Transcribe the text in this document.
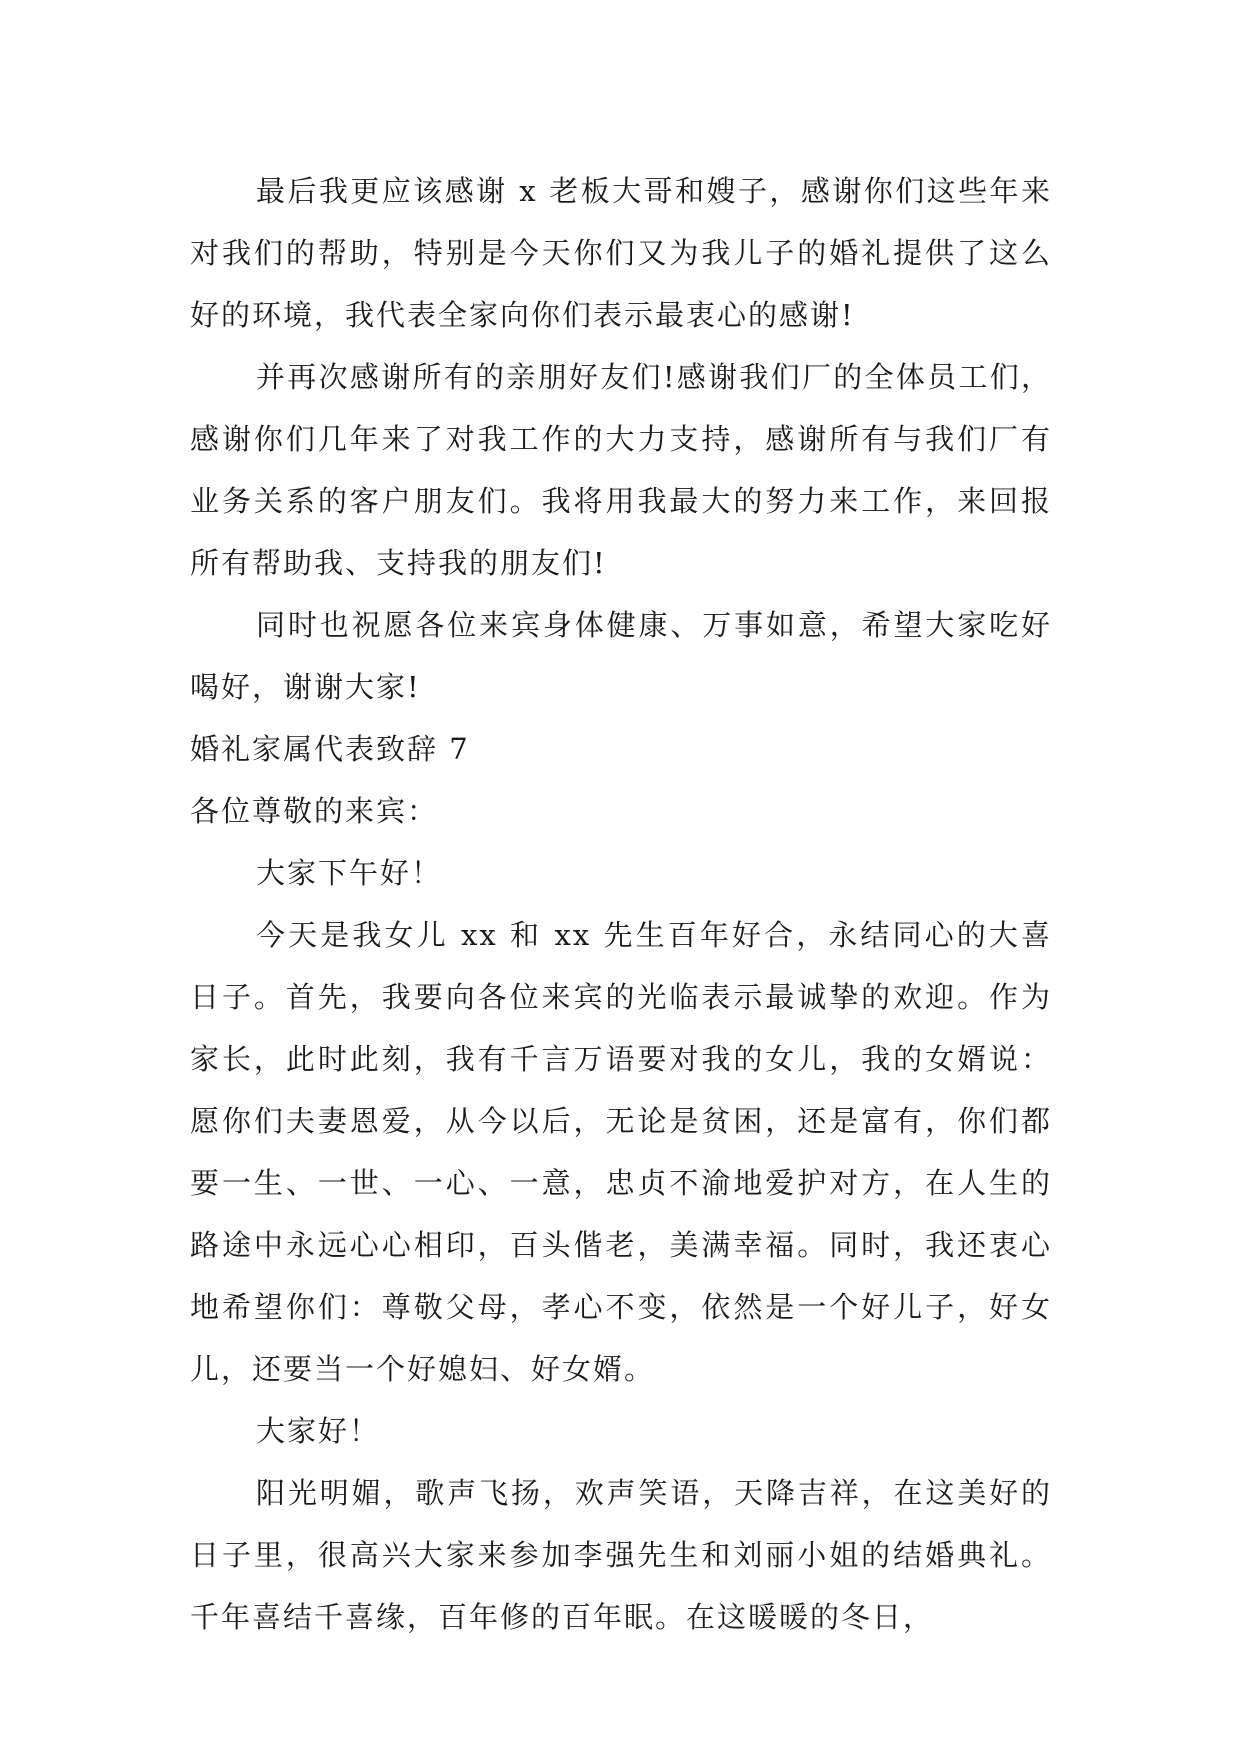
最后我更应该感谢 x 老板大哥和嫂子，感谢你们这些年来对我们的帮助，特别是今天你们又为我儿子的婚礼提供了这么好的环境，我代表全家向你们表示最衷心的感谢!

并再次感谢所有的亲朋好友们!感谢我们厂的全体员工们，感谢你们几年来了对我工作的大力支持，感谢所有与我们厂有业务关系的客户朋友们。我将用我最大的努力来工作，来回报所有帮助我、支持我的朋友们!

同时也祝愿各位来宾身体健康、万事如意，希望大家吃好喝好，谢谢大家!

婚礼家属代表致辞 7

各位尊敬的来宾：

大家下午好！

今天是我女儿 xx 和 xx 先生百年好合，永结同心的大喜日子。首先，我要向各位来宾的光临表示最诚挚的欢迎。作为家长，此时此刻，我有千言万语要对我的女儿，我的女婿说：愿你们夫妻恩爱，从今以后，无论是贫困，还是富有，你们都要一生、一世、一心、一意，忠贞不渝地爱护对方，在人生的路途中永远心心相印，百头偕老，美满幸福。同时，我还衷心地希望你们：尊敬父母，孝心不变，依然是一个好儿子，好女儿，还要当一个好媳妇、好女婿。

大家好！

阳光明媚，歌声飞扬，欢声笑语，天降吉祥，在这美好的日子里，很高兴大家来参加李强先生和刘丽小姐的结婚典礼。千年喜结千喜缘，百年修的百年眠。在这暖暖的冬日，
